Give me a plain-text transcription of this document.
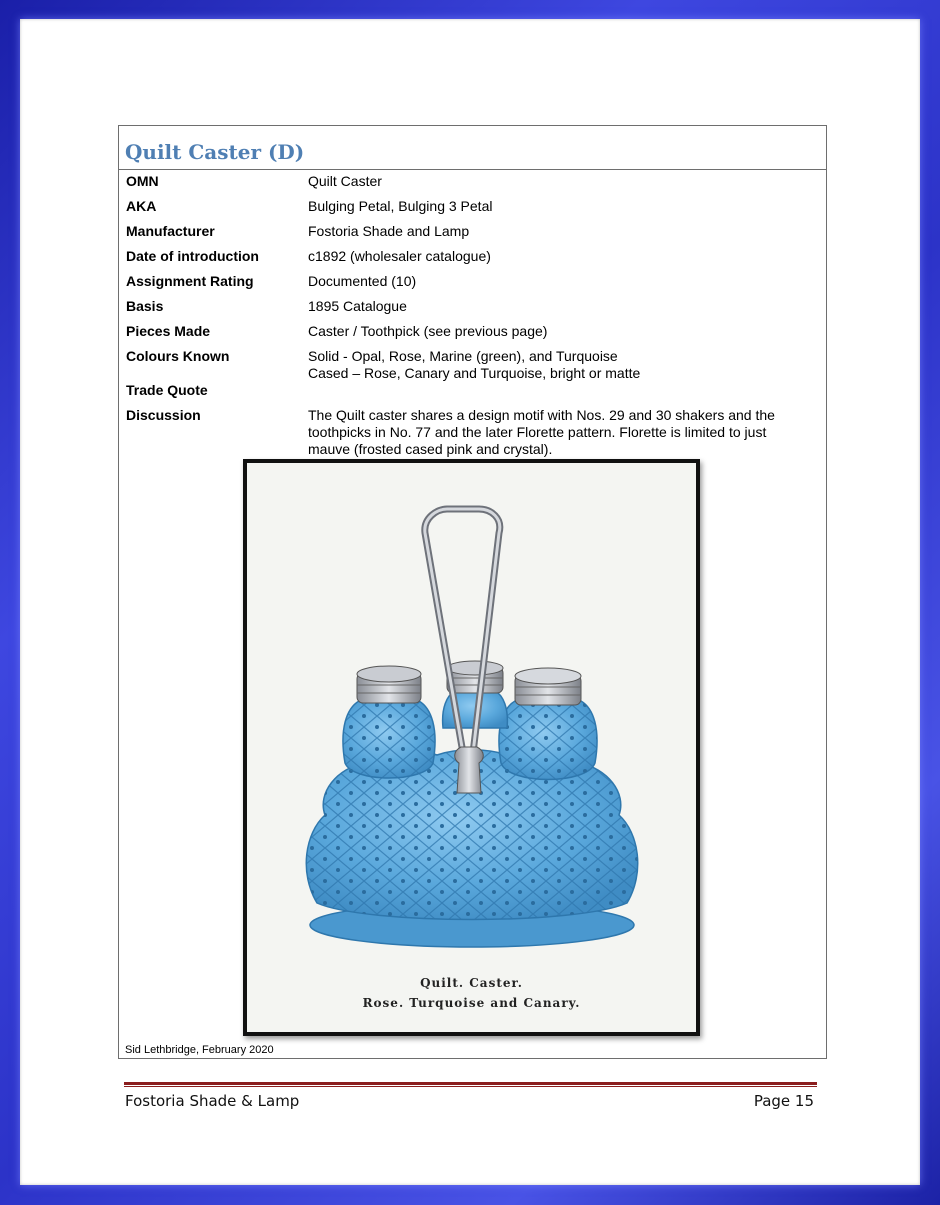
Quilt Caster (D)
OMN	Quilt Caster
AKA	Bulging Petal, Bulging 3 Petal
Manufacturer	Fostoria Shade and Lamp
Date of introduction	c1892 (wholesaler catalogue)
Assignment Rating	Documented (10)
Basis	1895 Catalogue
Pieces Made	Caster / Toothpick (see previous page)
Colours Known	Solid - Opal, Rose, Marine (green), and Turquoise
Cased – Rose, Canary and Turquoise, bright or matte
Trade Quote
Discussion	The Quilt caster shares a design motif with Nos. 29 and 30 shakers and the toothpicks in No. 77 and the later Florette pattern. Florette is limited to just mauve (frosted cased pink and crystal).
Quilt. Caster.
Rose. Turquoise and Canary.
Sid Lethbridge, February 2020
Fostoria Shade & Lamp	Page 15
